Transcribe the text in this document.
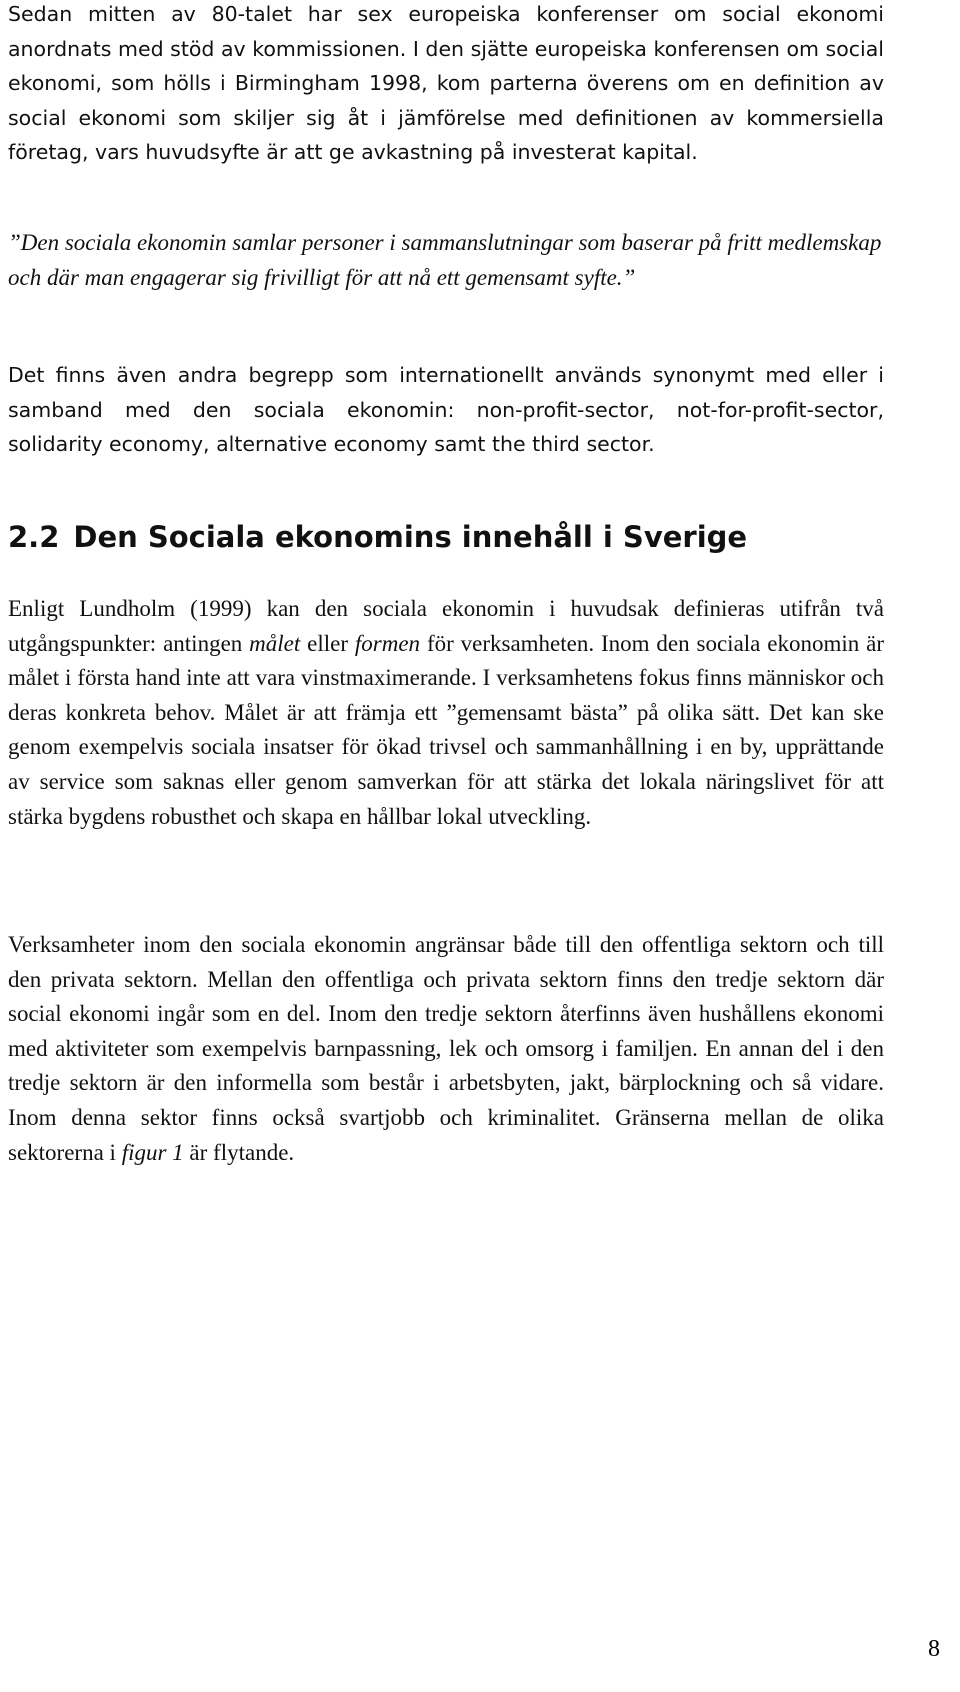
Sedan mitten av 80-talet har sex europeiska konferenser om social ekonomi anordnats med stöd av kommissionen. I den sjätte europeiska konferensen om social ekonomi, som hölls i Birmingham 1998, kom parterna överens om en definition av social ekonomi som skiljer sig åt i jämförelse med definitionen av kommersiella företag, vars huvudsyfte är att ge avkastning på investerat kapital.

”Den sociala ekonomin samlar personer i sammanslutningar som baserar på fritt medlemskap och där man engagerar sig frivilligt för att nå ett gemensamt syfte.”

Det finns även andra begrepp som internationellt används synonymt med eller i samband med den sociala ekonomin: non-profit-sector, not-for-profit-sector, solidarity economy, alternative economy samt the third sector.

2.2 Den Sociala ekonomins innehåll i Sverige

Enligt Lundholm (1999) kan den sociala ekonomin i huvudsak definieras utifrån två utgångspunkter: antingen målet eller formen för verksamheten. Inom den sociala ekonomin är målet i första hand inte att vara vinstmaximerande. I verksamhetens fokus finns människor och deras konkreta behov. Målet är att främja ett ”gemensamt bästa” på olika sätt. Det kan ske genom exempelvis sociala insatser för ökad trivsel och sammanhållning i en by, upprättande av service som saknas eller genom samverkan för att stärka det lokala näringslivet för att stärka bygdens robusthet och skapa en hållbar lokal utveckling.

Verksamheter inom den sociala ekonomin angränsar både till den offentliga sektorn och till den privata sektorn. Mellan den offentliga och privata sektorn finns den tredje sektorn där social ekonomi ingår som en del. Inom den tredje sektorn återfinns även hushållens ekonomi med aktiviteter som exempelvis barnpassning, lek och omsorg i familjen. En annan del i den tredje sektorn är den informella som består i arbetsbyten, jakt, bärplockning och så vidare. Inom denna sektor finns också svartjobb och kriminalitet. Gränserna mellan de olika sektorerna i figur 1 är flytande.

8
